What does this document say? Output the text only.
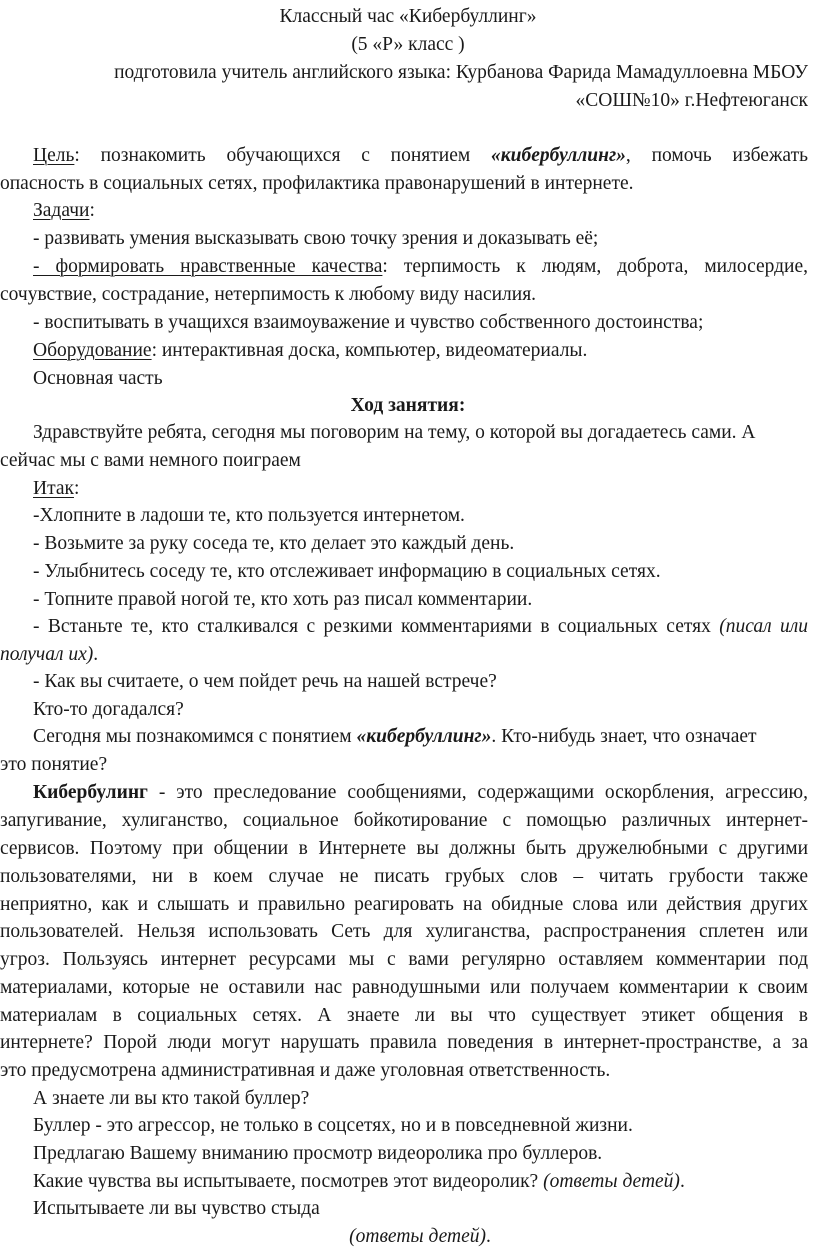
Классный час «Кибербуллинг»
(5 «Р» класс )
подготовила учитель английского языка: Курбанова Фарида Мамадуллоевна МБОУ
«СОШ№10» г.Нефтеюганск
Цель: познакомить обучающихся с понятием «кибербуллинг», помочь избежать
опасность в социальных сетях, профилактика правонарушений в интернете.
Задачи:
- развивать умения высказывать свою точку зрения и доказывать её;
- формировать нравственные качества: терпимость к людям, доброта, милосердие,
сочувствие, сострадание, нетерпимость к любому виду насилия.
- воспитывать в учащихся взаимоуважение и чувство собственного достоинства;
Оборудование: интерактивная доска, компьютер, видеоматериалы.
Основная часть
Ход занятия:
Здравствуйте ребята, сегодня мы поговорим на тему, о которой вы догадаетесь сами. А
сейчас мы с вами немного поиграем
Итак:
-Хлопните в ладоши те, кто пользуется интернетом.
- Возьмите за руку соседа те, кто делает это каждый день.
- Улыбнитесь соседу те, кто отслеживает информацию в социальных сетях.
- Топните правой ногой те, кто хоть раз писал комментарии.
- Встаньте те, кто сталкивался с резкими комментариями в социальных сетях (писал или
получал их).
- Как вы считаете, о чем пойдет речь на нашей встрече?
Кто-то догадался?
Сегодня мы познакомимся с понятием «кибербуллинг». Кто-нибудь знает, что означает
это понятие?
Кибербулинг - это преследование сообщениями, содержащими оскорбления, агрессию,
запугивание, хулиганство, социальное бойкотирование с помощью различных интернет-
сервисов. Поэтому при общении в Интернете вы должны быть дружелюбными с другими
пользователями, ни в коем случае не писать грубых слов – читать грубости также
неприятно, как и слышать и правильно реагировать на обидные слова или действия других
пользователей. Нельзя использовать Сеть для хулиганства, распространения сплетен или
угроз. Пользуясь интернет ресурсами мы с вами регулярно оставляем комментарии под
материалами, которые не оставили нас равнодушными или получаем комментарии к своим
материалам в социальных сетях. А знаете ли вы что существует этикет общения в
интернете? Порой люди могут нарушать правила поведения в интернет-пространстве, а за
это предусмотрена административная и даже уголовная ответственность.
А знаете ли вы кто такой буллер?
Буллер - это агрессор, не только в соцсетях, но и в повседневной жизни.
Предлагаю Вашему вниманию просмотр видеоролика про буллеров.
Какие чувства вы испытываете, посмотрев этот видеоролик? (ответы детей).
Испытываете ли вы чувство стыда
(ответы детей).
